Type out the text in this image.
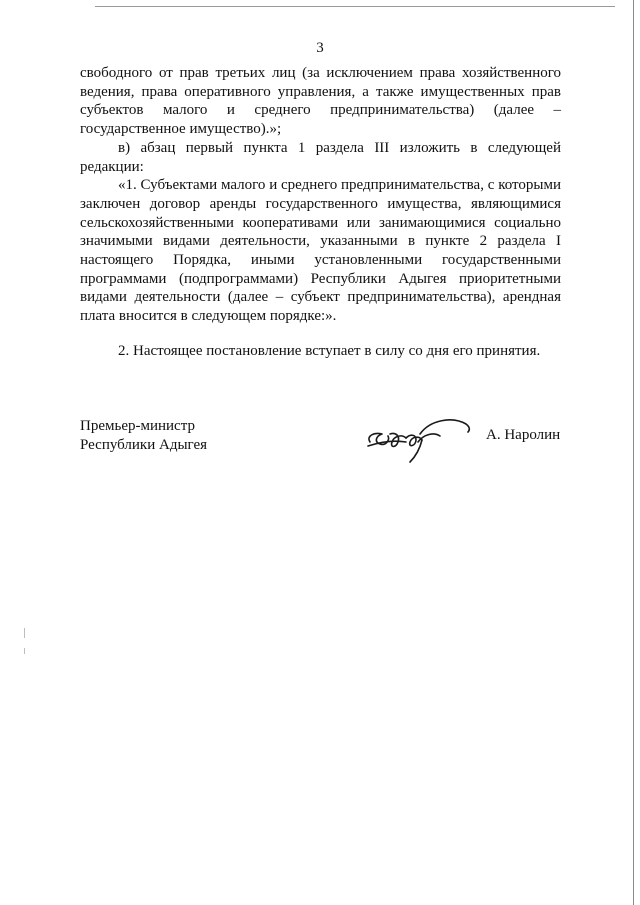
3

свободного от прав третьих лиц (за исключением права хозяйственного ведения, права оперативного управления, а также имущественных прав субъектов малого и среднего предпринимательства) (далее – государственное имущество).»;

в) абзац первый пункта 1 раздела III изложить в следующей редакции:

«1. Субъектами малого и среднего предпринимательства, с которыми заключен договор аренды государственного имущества, являющимися сельскохозяйственными кооперативами или занимающимися социально значимыми видами деятельности, указанными в пункте 2 раздела I настоящего Порядка, иными установленными государственными программами (подпрограммами) Республики Адыгея приоритетными видами деятельности (далее – субъект предпринимательства), арендная плата вносится в следующем порядке:».

2. Настоящее постановление вступает в силу со дня его принятия.

Премьер-министр
Республики Адыгея
А. Наролин
